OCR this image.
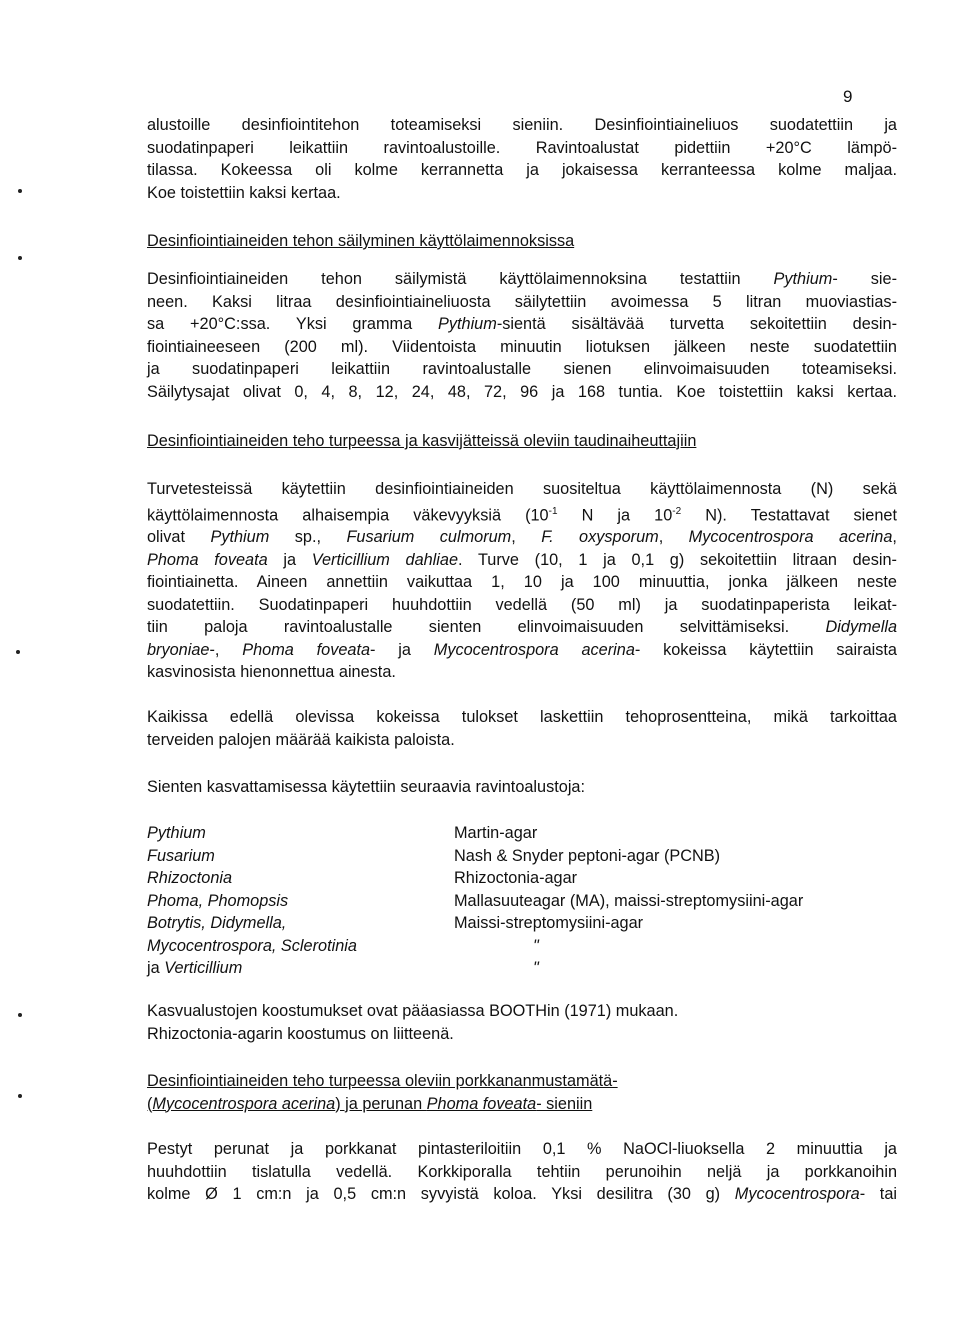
9
alustoille desinfiointitehon toteamiseksi sieniin. Desinfiointiaineliuos suodatettiin ja
suodatinpaperi leikattiin ravintoalustoille. Ravintoalustat pidettiin +20°C lämpö-
tilassa. Kokeessa oli kolme kerrannetta ja jokaisessa kerranteessa kolme maljaa.
Koe toistettiin kaksi kertaa.
Desinfiointiaineiden tehon säilyminen käyttölaimennoksissa
Desinfiointiaineiden tehon säilymistä käyttölaimennoksina testattiin Pythium- sie-
neen. Kaksi litraa desinfiointiaineliuosta säilytettiin avoimessa 5 litran muoviastias-
sa +20°C:ssa. Yksi gramma Pythium-sientä sisältävää turvetta sekoitettiin desin-
fiointiaineeseen (200 ml). Viidentoista minuutin liotuksen jälkeen neste suodatettiin
ja suodatinpaperi leikattiin ravintoalustalle sienen elinvoimaisuuden toteamiseksi.
Säilytysajat olivat 0, 4, 8, 12, 24, 48, 72, 96 ja 168 tuntia. Koe toistettiin kaksi kertaa.
Desinfiointiaineiden teho turpeessa ja kasvijätteissä oleviin taudinaiheuttajiin
Turvetesteissä käytettiin desinfiointiaineiden suositeltua käyttölaimennosta (N) sekä
käyttölaimennosta alhaisempia väkevyyksiä ($10^{-1}$ N ja $10^{-2}$ N). Testattavat sienet
olivat Pythium sp., Fusarium culmorum, F. oxysporum, Mycocentrospora acerina,
Phoma foveata ja Verticillium dahliae. Turve (10, 1 ja 0,1 g) sekoitettiin litraan desin-
fiointiainetta. Aineen annettiin vaikuttaa 1, 10 ja 100 minuuttia, jonka jälkeen neste
suodatettiin. Suodatinpaperi huuhdottiin vedellä (50 ml) ja suodatinpaperista leikat-
tiin paloja ravintoalustalle sienten elinvoimaisuuden selvittämiseksi. Didymella
bryoniae-, Phoma foveata- ja Mycocentrospora acerina- kokeissa käytettiin sairaista
kasvinosista hienonnettua ainesta.
Kaikissa edellä olevissa kokeissa tulokset laskettiin tehoprosentteina, mikä tarkoittaa
terveiden palojen määrää kaikista paloista.
Sienten kasvattamisessa käytettiin seuraavia ravintoalustoja:
Pythium	Martin-agar
Fusarium	Nash & Snyder peptoni-agar (PCNB)
Rhizoctonia	Rhizoctonia-agar
Phoma, Phomopsis	Mallasuuteagar (MA), maissi-streptomysiini-agar
Botrytis, Didymella,	Maissi-streptomysiini-agar
Mycocentrospora, Sclerotinia	"
ja Verticillium	"
Kasvualustojen koostumukset ovat pääasiassa BOOTHin (1971) mukaan.
Rhizoctonia-agarin koostumus on liitteenä.
Desinfiointiaineiden teho turpeessa oleviin porkkananmustamätä-
(Mycocentrospora acerina) ja perunan Phoma foveata- sieniin
Pestyt perunat ja porkkanat pintasteriloitiin 0,1 % NaOCl-liuoksella 2 minuuttia ja
huuhdottiin tislatulla vedellä. Korkkiporalla tehtiin perunoihin neljä ja porkkanoihin
kolme Ø 1 cm:n ja 0,5 cm:n syvyistä koloa. Yksi desilitra (30 g) Mycocentrospora- tai
